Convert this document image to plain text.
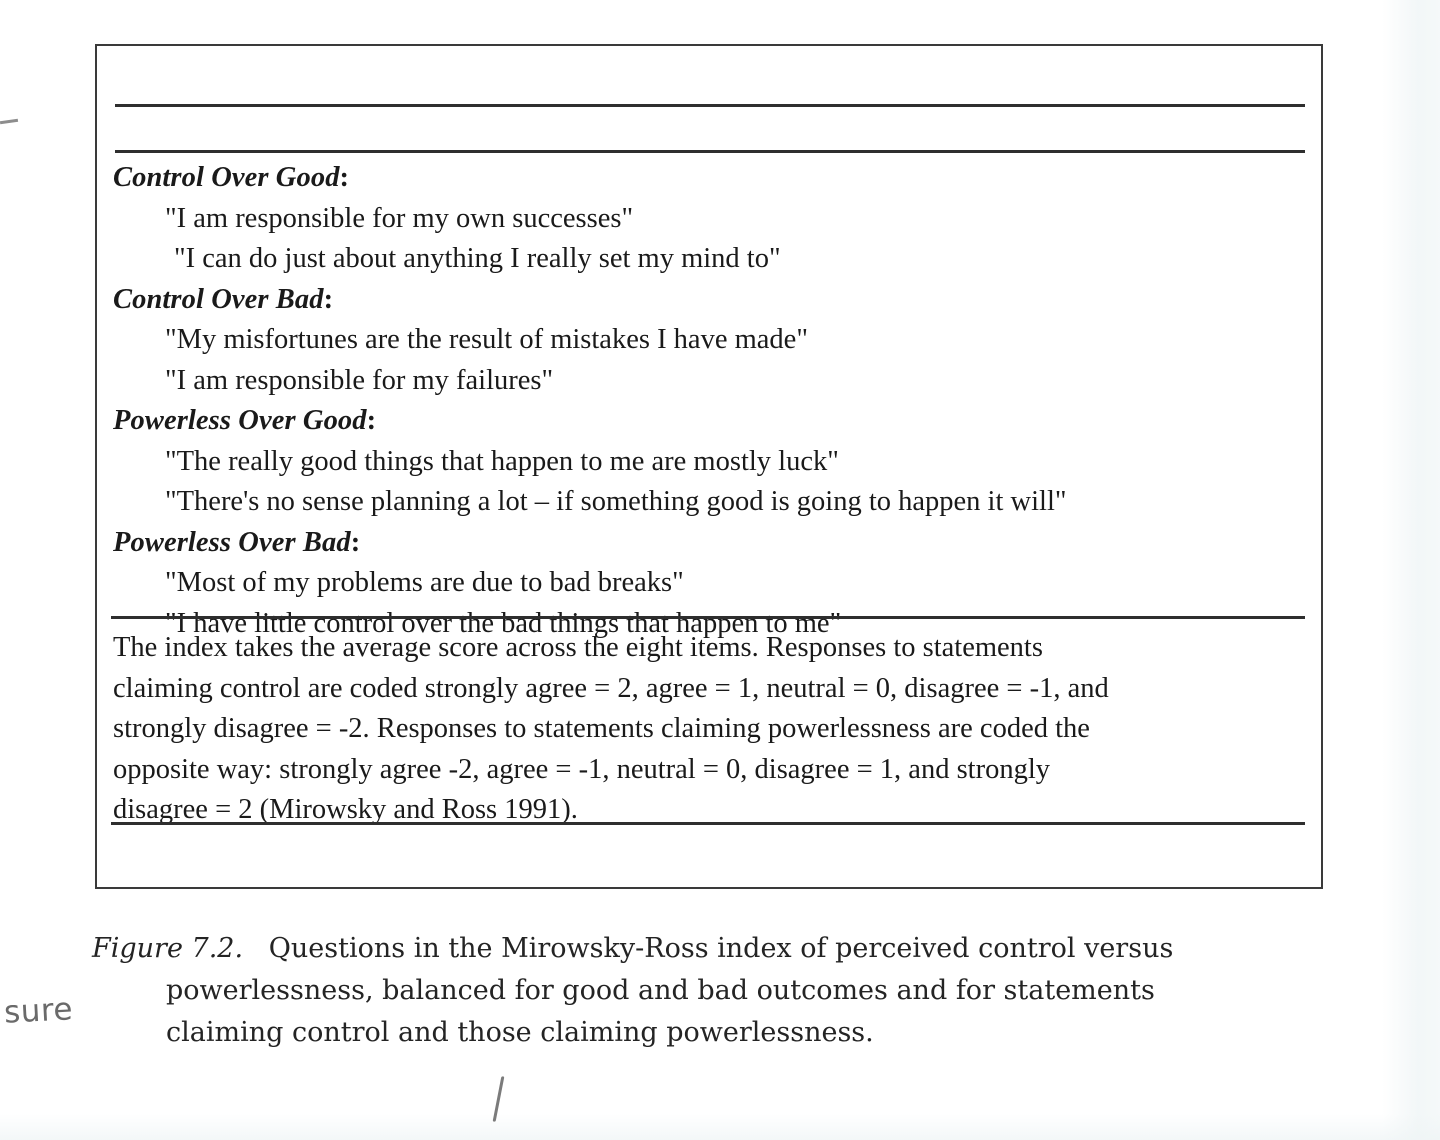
Control Over Good:
"I am responsible for my own successes"
"I can do just about anything I really set my mind to"
Control Over Bad:
"My misfortunes are the result of mistakes I have made"
"I am responsible for my failures"
Powerless Over Good:
"The really good things that happen to me are mostly luck"
"There's no sense planning a lot – if something good is going to happen it will"
Powerless Over Bad:
"Most of my problems are due to bad breaks"
"I have little control over the bad things that happen to me"

The index takes the average score across the eight items. Responses to statements
claiming control are coded strongly agree = 2, agree = 1, neutral = 0, disagree = -1, and
strongly disagree = -2. Responses to statements claiming powerlessness are coded the
opposite way: strongly agree -2, agree = -1, neutral = 0, disagree = 1, and strongly
disagree = 2 (Mirowsky and Ross 1991).

Figure 7.2. Questions in the Mirowsky-Ross index of perceived control versus
powerlessness, balanced for good and bad outcomes and for statements
claiming control and those claiming powerlessness.
sure
